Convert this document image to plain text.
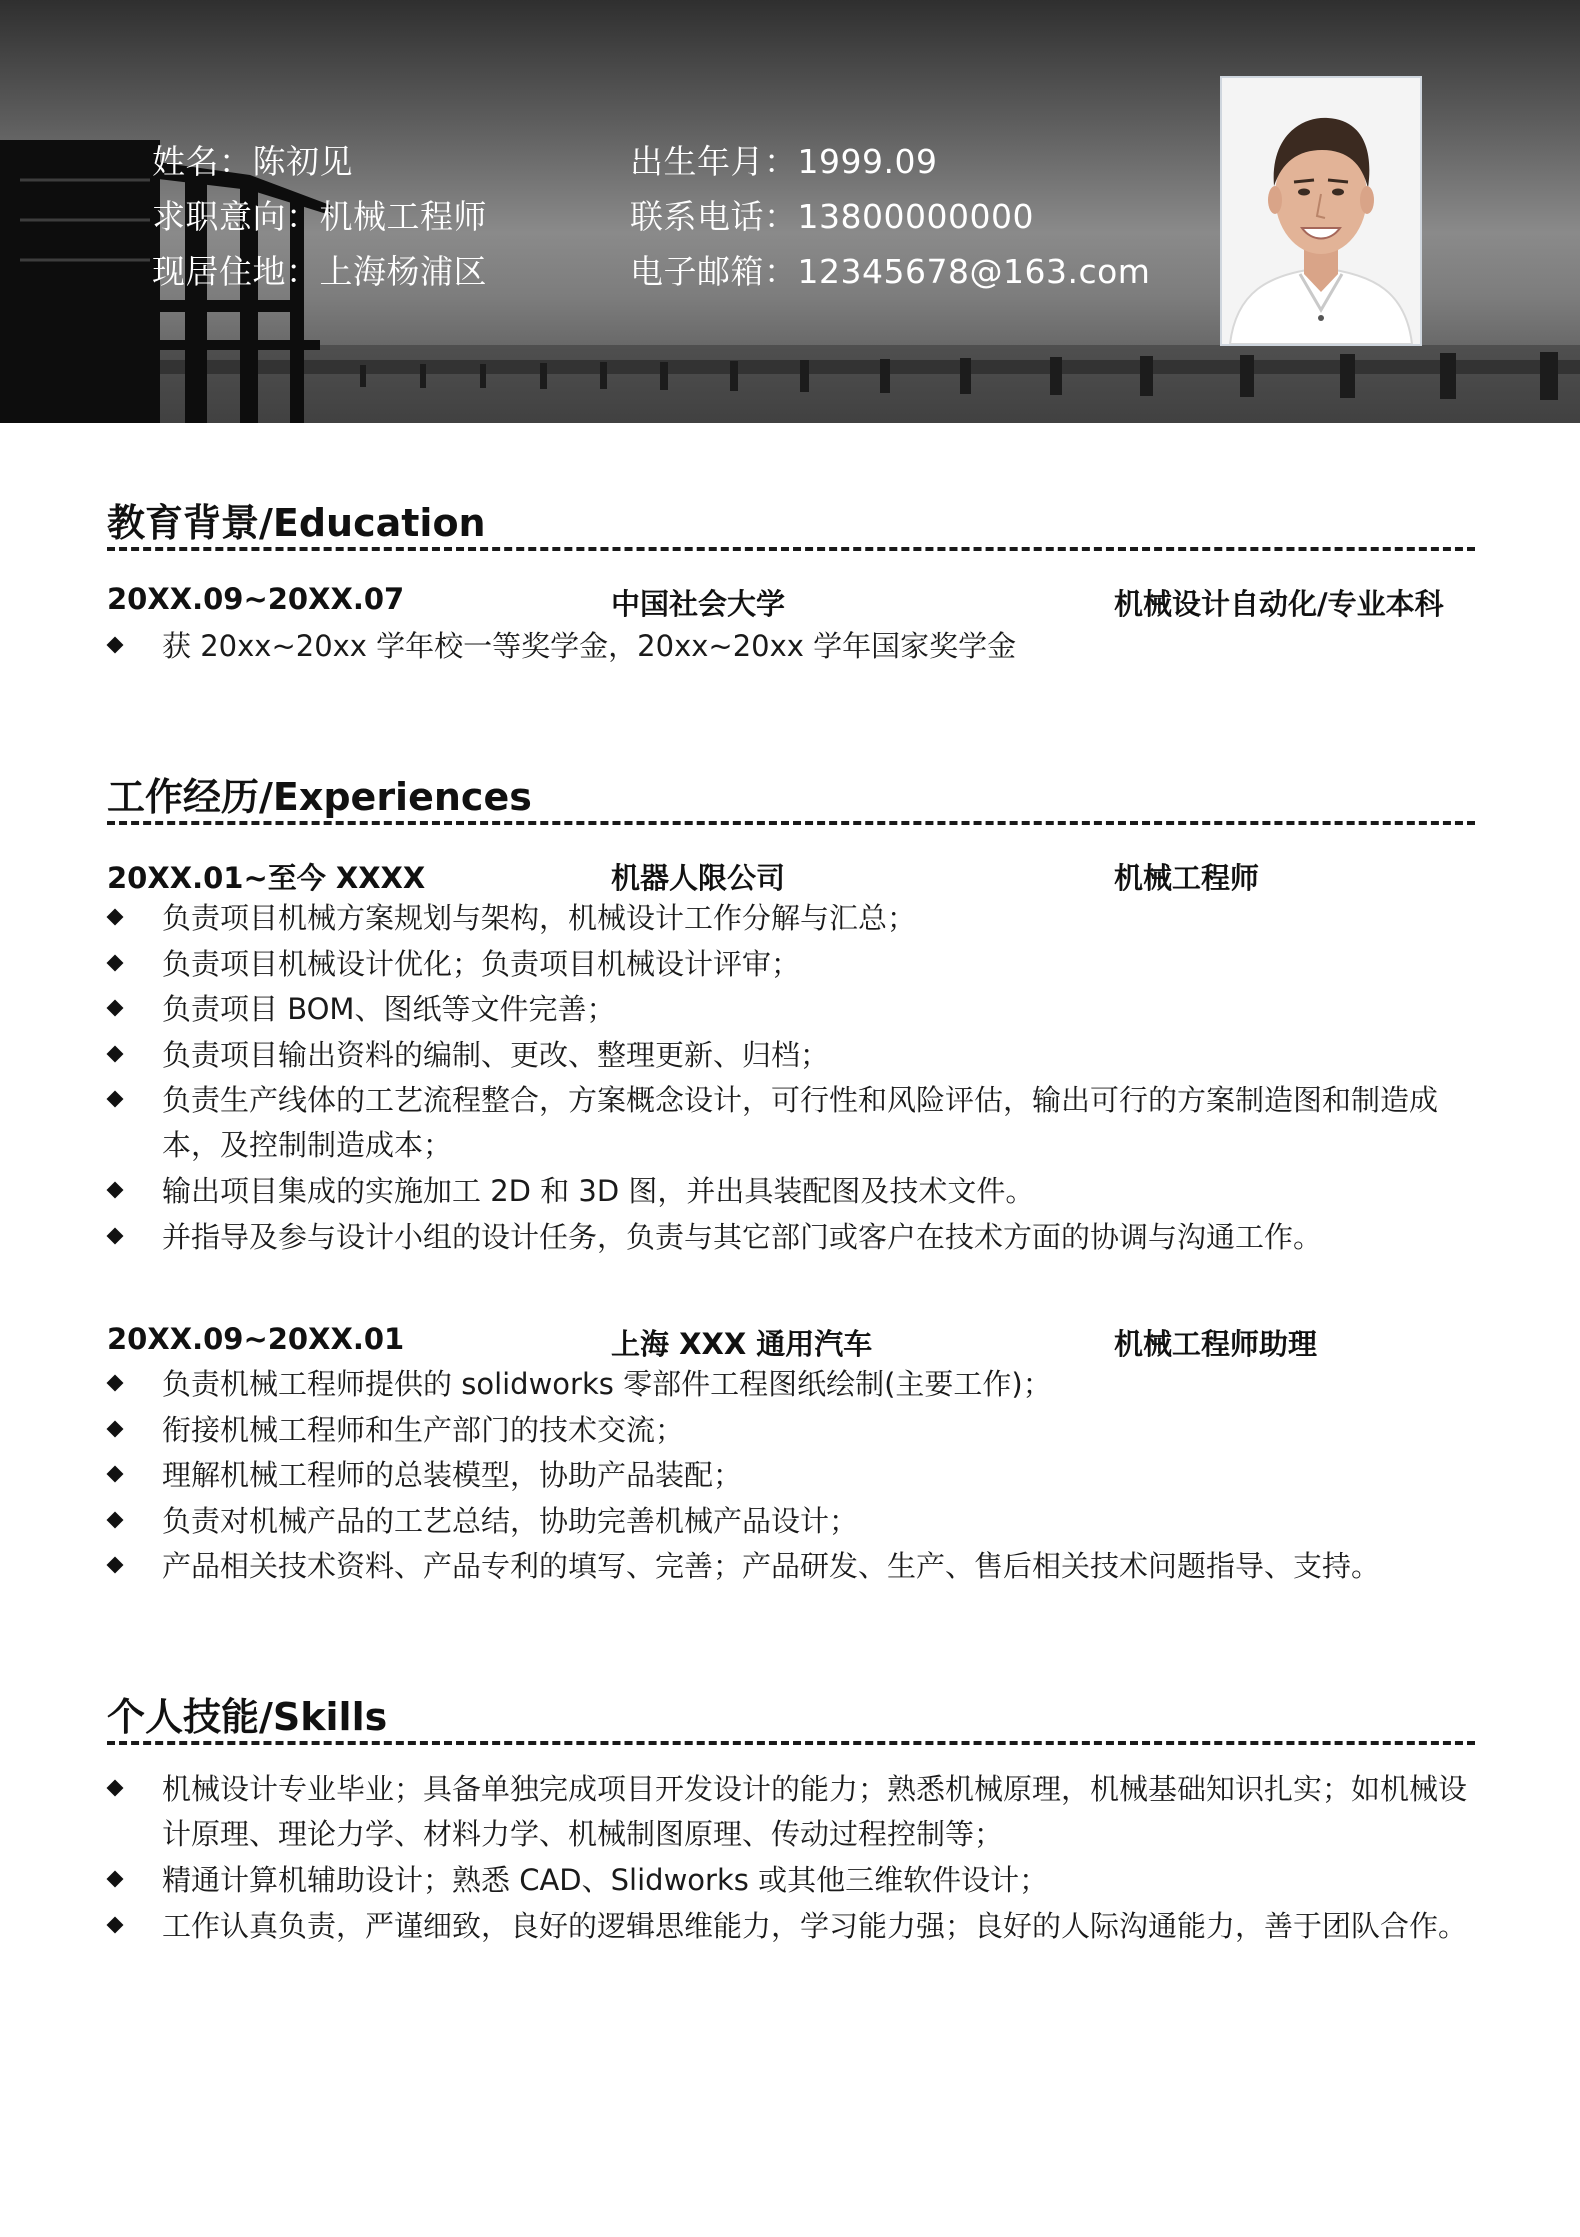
姓名：陈初见
求职意向：机械工程师
现居住地：上海杨浦区
出生年月：1999.09
联系电话：13800000000
电子邮箱：12345678@163.com
教育背景/Education
20XX.09~20XX.07	中国社会大学	机械设计自动化/专业本科
获 20xx~20xx 学年校一等奖学金，20xx~20xx 学年国家奖学金
工作经历/Experiences
20XX.01~至今 XXXX	机器人限公司	机械工程师
负责项目机械方案规划与架构，机械设计工作分解与汇总；
负责项目机械设计优化；负责项目机械设计评审；
负责项目 BOM、图纸等文件完善；
负责项目输出资料的编制、更改、整理更新、归档；
负责生产线体的工艺流程整合，方案概念设计，可行性和风险评估，输出可行的方案制造图和制造成本，及控制制造成本；
输出项目集成的实施加工 2D 和 3D 图，并出具装配图及技术文件。
并指导及参与设计小组的设计任务，负责与其它部门或客户在技术方面的协调与沟通工作。
20XX.09~20XX.01	上海 XXX 通用汽车	机械工程师助理
负责机械工程师提供的 solidworks 零部件工程图纸绘制(主要工作)；
衔接机械工程师和生产部门的技术交流；
理解机械工程师的总装模型，协助产品装配；
负责对机械产品的工艺总结，协助完善机械产品设计；
产品相关技术资料、产品专利的填写、完善；产品研发、生产、售后相关技术问题指导、支持。
个人技能/Skills
机械设计专业毕业；具备单独完成项目开发设计的能力；熟悉机械原理，机械基础知识扎实；如机械设计原理、理论力学、材料力学、机械制图原理、传动过程控制等；
精通计算机辅助设计；熟悉 CAD、Slidworks 或其他三维软件设计；
工作认真负责，严谨细致，良好的逻辑思维能力，学习能力强；良好的人际沟通能力，善于团队合作。
